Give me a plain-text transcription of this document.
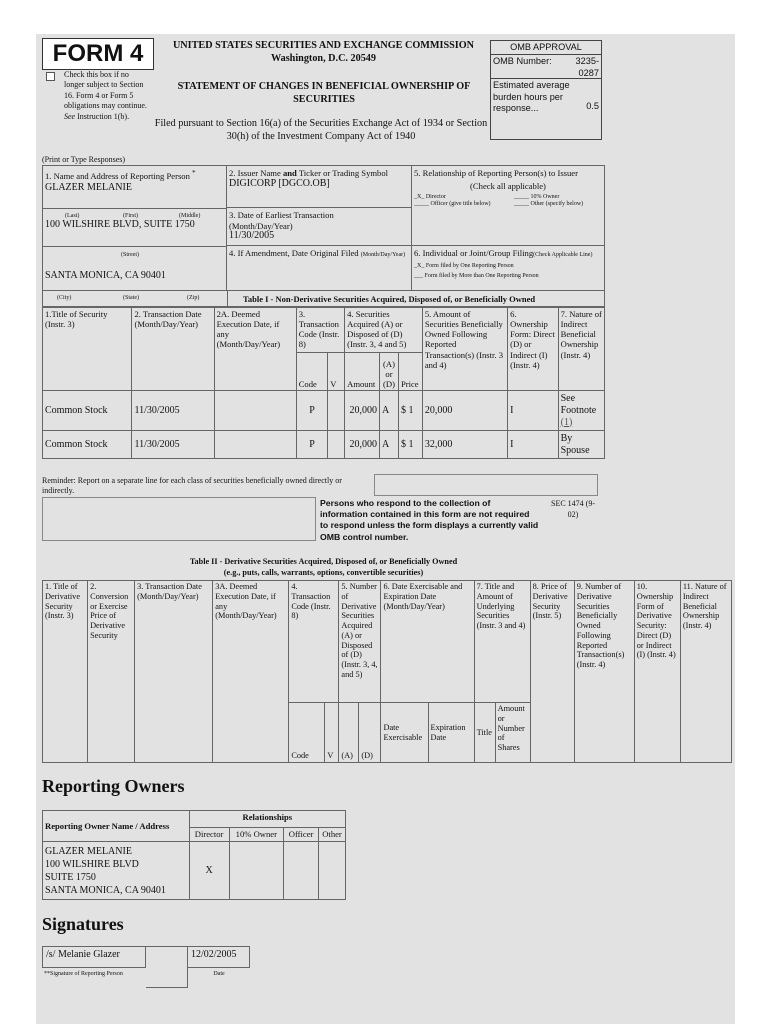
FORM 4
Check this box if no longer subject to Section 16. Form 4 or Form 5 obligations may continue. See Instruction 1(b).
UNITED STATES SECURITIES AND EXCHANGE COMMISSION
Washington, D.C. 20549
STATEMENT OF CHANGES IN BENEFICIAL OWNERSHIP OF SECURITIES
Filed pursuant to Section 16(a) of the Securities Exchange Act of 1934 or Section 30(h) of the Investment Company Act of 1940
OMB APPROVAL
OMB Number:	3235-0287
Estimated average burden hours per response...	0.5
(Print or Type Responses)
1. Name and Address of Reporting Person *
GLAZER MELANIE
(Last)	(First)	(Middle)
100 WILSHIRE BLVD, SUITE 1750
(Street)
SANTA MONICA, CA 90401
2. Issuer Name and Ticker or Trading Symbol
DIGICORP [DGCO.OB]
3. Date of Earliest Transaction
(Month/Day/Year)
11/30/2005
4. If Amendment, Date Original Filed (Month/Day/Year)
5. Relationship of Reporting Person(s) to Issuer
(Check all applicable)
_X_ Director	_____ 10% Owner
_____ Officer (give title below)	_____ Other (specify below)
6. Individual or Joint/Group Filing(Check Applicable Line)
_X_ Form filed by One Reporting Person
___ Form filed by More than One Reporting Person
(City)	(State)	(Zip)	Table I - Non-Derivative Securities Acquired, Disposed of, or Beneficially Owned
1.Title of Security (Instr. 3)	2. Transaction Date (Month/Day/Year)	2A. Deemed Execution Date, if any (Month/Day/Year)	3. Transaction Code (Instr. 8)		4. Securities Acquired (A) or Disposed of (D) (Instr. 3, 4 and 5)			5. Amount of Securities Beneficially Owned Following Reported Transaction(s) (Instr. 3 and 4)	6. Ownership Form: Direct (D) or Indirect (I) (Instr. 4)	7. Nature of Indirect Beneficial Ownership (Instr. 4)
			Code	V	Amount	(A) or (D)	Price			
Common Stock	11/30/2005		P		20,000	A	$ 1	20,000	I	See Footnote
(1)
Common Stock	11/30/2005		P		20,000	A	$ 1	32,000	I	By Spouse
Reminder: Report on a separate line for each class of securities beneficially owned directly or indirectly.
Persons who respond to the collection of information contained in this form are not required to respond unless the form displays a currently valid OMB control number.
SEC 1474 (9-02)
Table II - Derivative Securities Acquired, Disposed of, or Beneficially Owned
(e.g., puts, calls, warrants, options, convertible securities)
1. Title of Derivative Security (Instr. 3)	2. Conversion or Exercise Price of Derivative Security	3. Transaction Date (Month/Day/Year)	3A. Deemed Execution Date, if any (Month/Day/Year)	4. Transaction Code (Instr. 8)		5. Number of Derivative Securities Acquired (A) or Disposed of (D) (Instr. 3, 4, and 5)		6. Date Exercisable and Expiration Date (Month/Day/Year)		7. Title and Amount of Underlying Securities (Instr. 3 and 4)		8. Price of Derivative Security (Instr. 5)	9. Number of Derivative Securities Beneficially Owned Following Reported Transaction(s) (Instr. 4)	10. Ownership Form of Derivative Security: Direct (D) or Indirect (I) (Instr. 4)	11. Nature of Indirect Beneficial Ownership (Instr. 4)
				Code	V	(A)	(D)	Date Exercisable	Expiration Date	Title	Amount or Number of Shares				
Reporting Owners
Reporting Owner Name / Address	Relationships			
	Director	10% Owner	Officer	Other

GLAZER MELANIE
100 WILSHIRE BLVD
SUITE 1750
SANTA MONICA, CA 90401	X			
Signatures
/s/ Melanie Glazer	12/02/2005
**Signature of Reporting Person	Date
